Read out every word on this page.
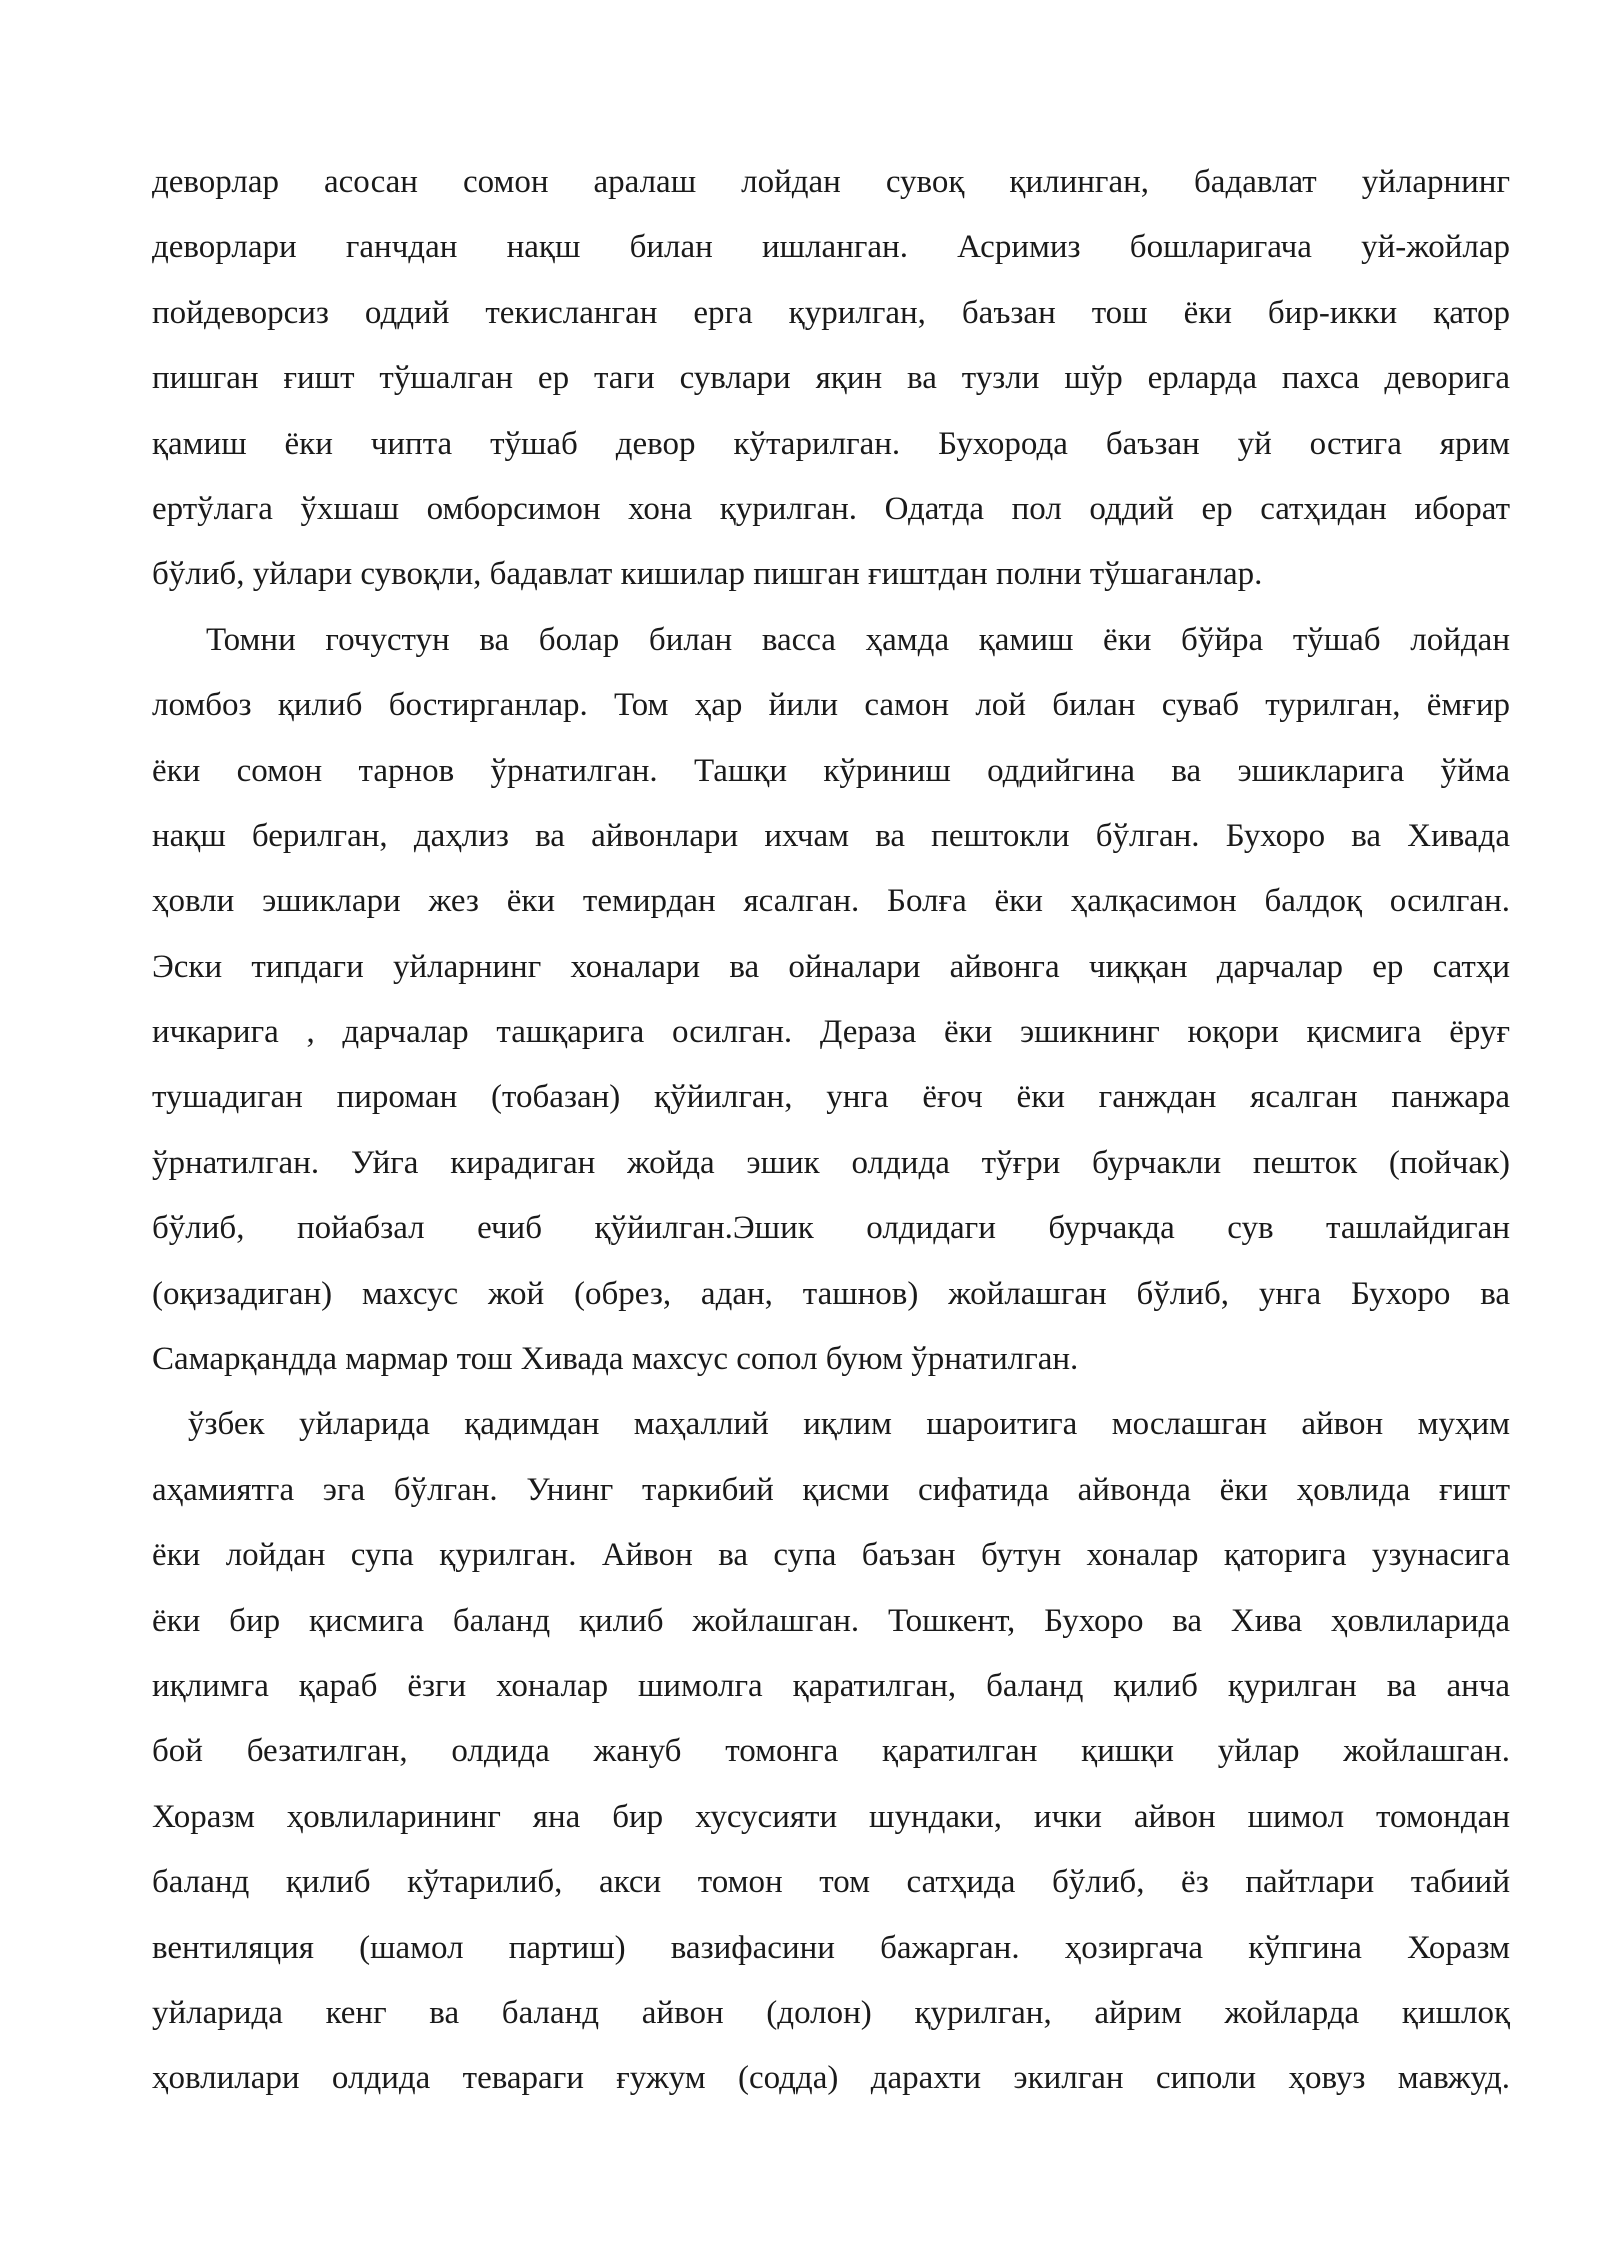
деворлар асосан сомон аралаш лойдан сувоқ қилинган, бадавлат уйларнинг
деворлари ганчдан нақш билан ишланган. Асримиз бошларигача уй-жойлар
пойдеворсиз оддий текисланган ерга қурилган, баъзан тош ёки бир-икки қатор
пишган ғишт тўшалган ер таги сувлари яқин ва тузли шўр ерларда пахса деворига
қамиш ёки чипта тўшаб девор кўтарилган. Бухорода баъзан уй остига ярим
ертўлага ўхшаш омборсимон хона қурилган. Одатда пол оддий ер сатҳидан иборат
бўлиб, уйлари сувоқли, бадавлат кишилар пишган ғиштдан полни тўшаганлар.
Томни гочустун ва болар билан васса ҳамда қамиш ёки бўйра тўшаб лойдан
ломбоз қилиб бостирганлар. Том ҳар йили самон лой билан суваб турилган, ёмғир
ёки сомон тарнов ўрнатилган. Ташқи кўриниш оддийгина ва эшикларига ўйма
нақш берилган, даҳлиз ва айвонлари ихчам ва пештокли бўлган. Бухоро ва Хивада
ҳовли эшиклари жез ёки темирдан ясалган. Болға ёки ҳалқасимон балдоқ осилган.
Эски типдаги уйларнинг хоналари ва ойналари айвонга чиққан дарчалар ер сатҳи
ичкарига , дарчалар ташқарига осилган. Дераза ёки эшикнинг юқори қисмига ёруғ
тушадиган пироман (тобазан) қўйилган, унга ёғоч ёки ганждан ясалган панжара
ўрнатилган. Уйга кирадиган жойда эшик олдида тўғри бурчакли пешток (пойчак)
бўлиб, пойабзал ечиб қўйилган.Эшик олдидаги бурчакда сув ташлайдиган
(оқизадиган) махсус жой (обрез, адан, ташнов) жойлашган бўлиб, унга Бухоро ва
Самарқандда мармар тош Хивада махсус сопол буюм ўрнатилган.
ўзбек уйларида қадимдан маҳаллий иқлим шароитига мослашган айвон муҳим
аҳамиятга эга бўлган. Унинг таркибий қисми сифатида айвонда ёки ҳовлида ғишт
ёки лойдан супа қурилган. Айвон ва супа баъзан бутун хоналар қаторига узунасига
ёки бир қисмига баланд қилиб жойлашган. Тошкент, Бухоро ва Хива ҳовлиларида
иқлимга қараб ёзги хоналар шимолга қаратилган, баланд қилиб қурилган ва анча
бой безатилган, олдида жануб томонга қаратилган қишқи уйлар жойлашган.
Хоразм ҳовлиларининг яна бир хусусияти шундаки, ички айвон шимол томондан
баланд қилиб кўтарилиб, акси томон том сатҳида бўлиб, ёз пайтлари табиий
вентиляция (шамол партиш) вазифасини бажарган. ҳозиргача кўпгина Хоразм
уйларида кенг ва баланд айвон (долон) қурилган, айрим жойларда қишлоқ
ҳовлилари олдида тевараги ғужум (содда) дарахти экилган сиполи ҳовуз мавжуд.
